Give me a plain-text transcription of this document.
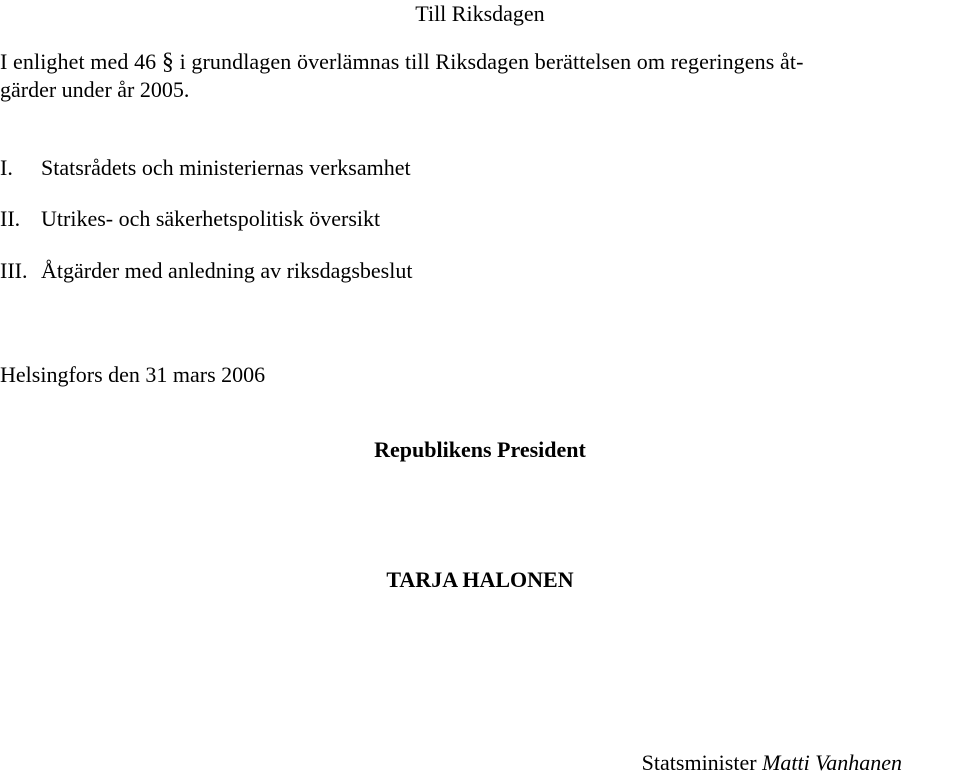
Till Riksdagen

I enlighet med 46 § i grundlagen överlämnas till Riksdagen berättelsen om regeringens åt-

gärder under år 2005.

I. Statsrådets och ministeriernas verksamhet

II. Utrikes- och säkerhetspolitisk översikt

III. Åtgärder med anledning av riksdagsbeslut

Helsingfors den 31 mars 2006

Republikens President

TARJA HALONEN

Statsminister Matti Vanhanen
